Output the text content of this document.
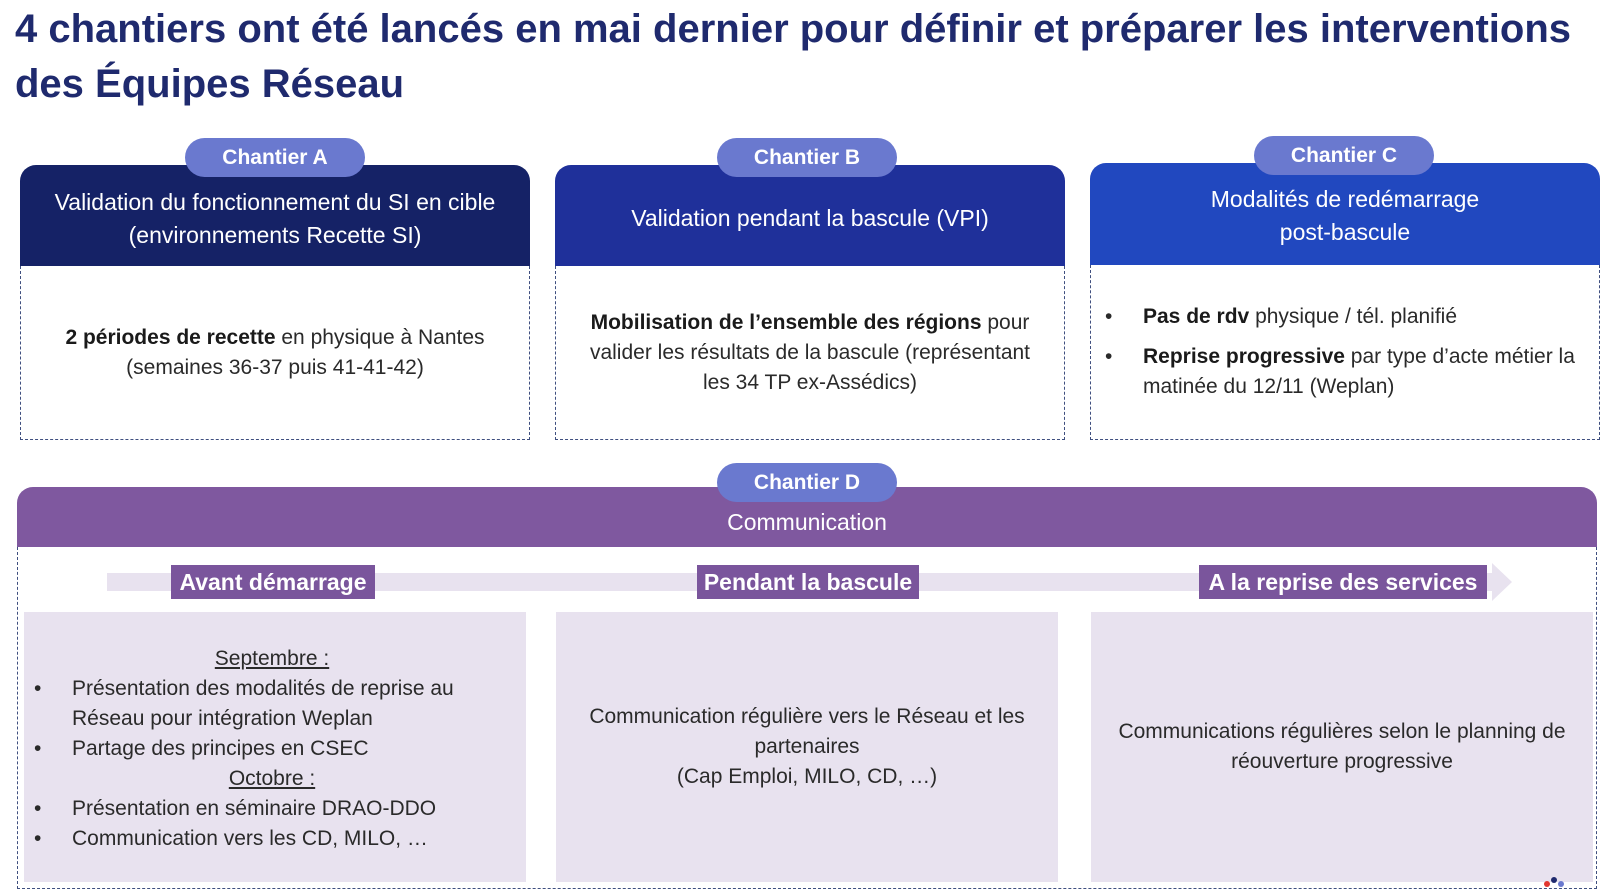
4 chantiers ont été lancés en mai dernier pour définir et préparer les interventions des Équipes Réseau
Validation du fonctionnement du SI en cible (environnements Recette SI)
2 périodes de recette en physique à Nantes
(semaines 36-37 puis 41-41-42)
Chantier A
Validation pendant la bascule (VPI)
Mobilisation de l’ensemble des régions pour valider les résultats de la bascule (représentant les 34 TP ex-Assédics)
Chantier B
Modalités de redémarrage
post-bascule
• Pas de rdv physique / tél. planifié
• Reprise progressive par type d’acte métier la matinée du 12/11 (Weplan)
Chantier C
Communication
Chantier D
Avant démarrage	Pendant la bascule	A la reprise des services
Septembre :
• Présentation des modalités de reprise au Réseau pour intégration Weplan
• Partage des principes en CSEC
Octobre :
• Présentation en séminaire DRAO-DDO
• Communication vers les CD, MILO, …
Communication régulière vers le Réseau et les partenaires
(Cap Emploi, MILO, CD, …)
Communications régulières selon le planning de réouverture progressive
